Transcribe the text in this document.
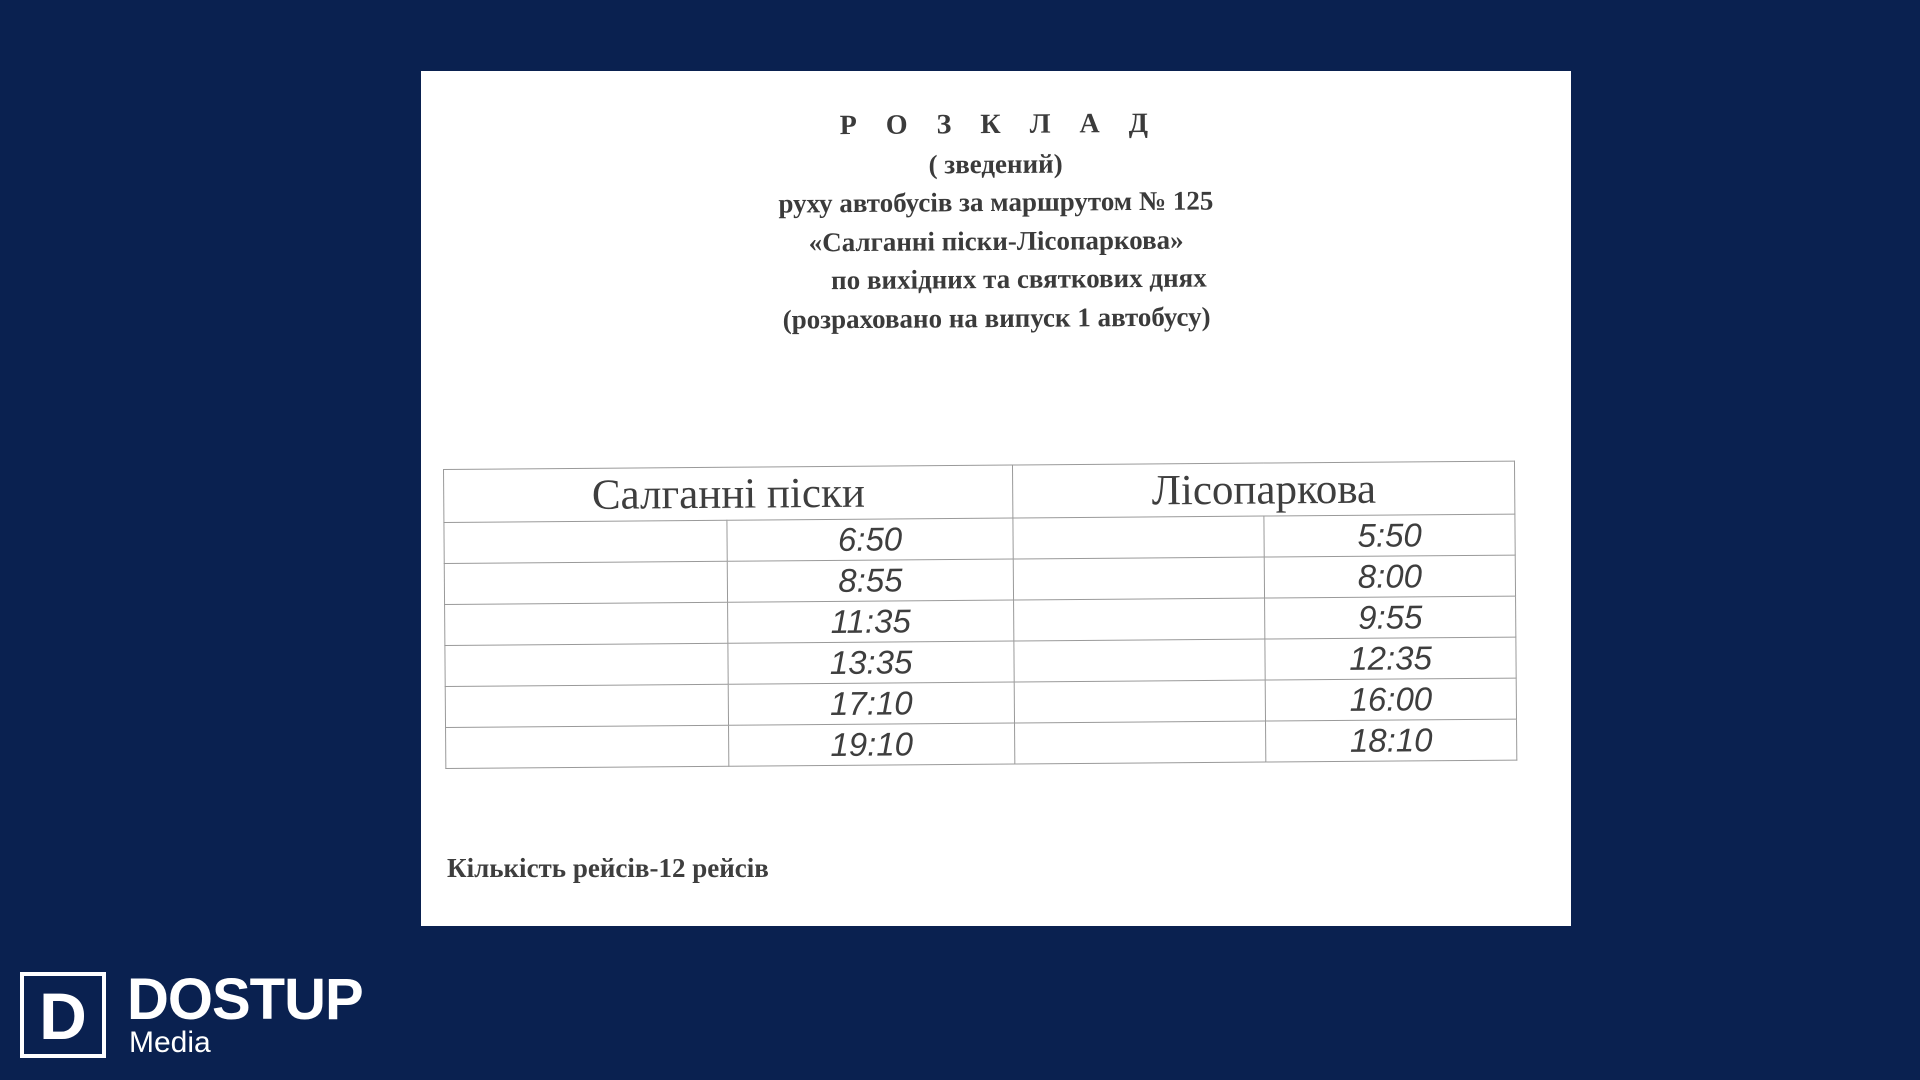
Р О З К Л А Д
( зведений)
руху автобусів за маршрутом № 125
«Салганні піски-Лісопаркова»
по вихідних та святкових днях
(розраховано на випуск 1 автобусу)
Салганні піски		Лісопаркова	
	6:50		5:50
	8:55		8:00
	11:35		9:55
	13:35		12:35
	17:10		16:00
	19:10		18:10
Кількість рейсів-12 рейсів
D DOSTUP
Media
